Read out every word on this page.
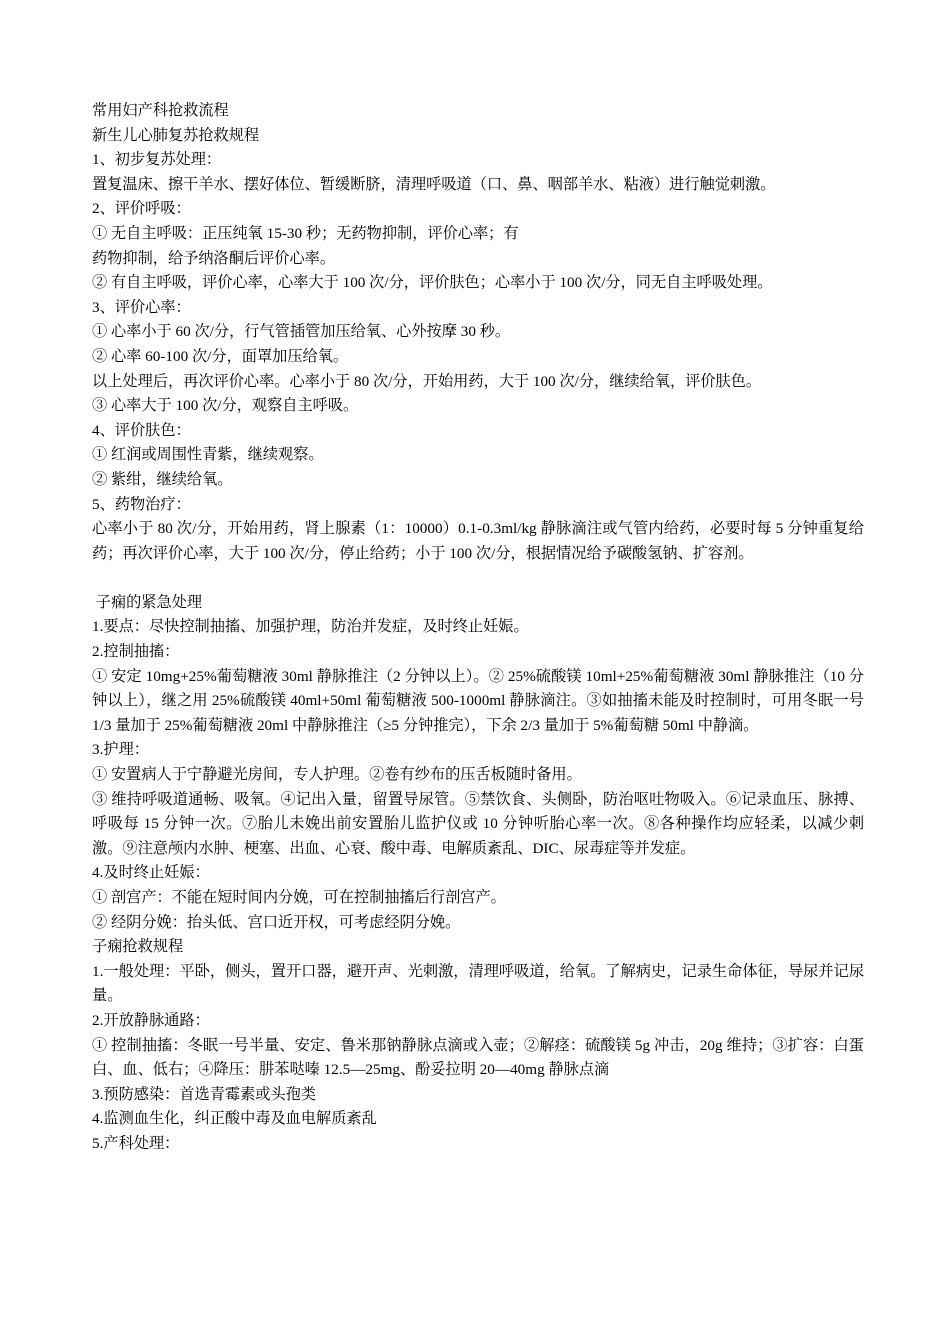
常用妇产科抢救流程

新生儿心肺复苏抢救规程

1、初步复苏处理：

置复温床、擦干羊水、摆好体位、暂缓断脐，清理呼吸道（口、鼻、咽部羊水、粘液）进行触觉刺激。

2、评价呼吸：

① 无自主呼吸：正压纯氧 15-30 秒；无药物抑制，评价心率；有

药物抑制，给予纳洛酮后评价心率。

② 有自主呼吸，评价心率，心率大于 100 次/分，评价肤色；心率小于 100 次/分，同无自主呼吸处理。

3、评价心率：

① 心率小于 60 次/分，行气管插管加压给氧、心外按摩 30 秒。

② 心率 60-100 次/分，面罩加压给氧。

以上处理后，再次评价心率。心率小于 80 次/分，开始用药，大于 100 次/分，继续给氧，评价肤色。

③ 心率大于 100 次/分，观察自主呼吸。

4、评价肤色：

① 红润或周围性青紫，继续观察。

② 紫绀，继续给氧。

5、药物治疗：

心率小于 80 次/分，开始用药，肾上腺素（1：10000）0.1-0.3ml/kg 静脉滴注或气管内给药，必要时每 5 分钟重复给药；再次评价心率，大于 100 次/分，停止给药；小于 100 次/分，根据情况给予碳酸氢钠、扩容剂。

子痫的紧急处理

1.要点：尽快控制抽搐、加强护理，防治并发症，及时终止妊娠。

2.控制抽搐：

① 安定 10mg+25%葡萄糖液 30ml 静脉推注（2 分钟以上）。② 25%硫酸镁 10ml+25%葡萄糖液 30ml 静脉推注（10 分钟以上），继之用 25%硫酸镁 40ml+50ml 葡萄糖液 500-1000ml 静脉滴注。③如抽搐未能及时控制时，可用冬眠一号 1/3 量加于 25%葡萄糖液 20ml 中静脉推注（≥5 分钟推完），下余 2/3 量加于 5%葡萄糖 50ml 中静滴。

3.护理：

① 安置病人于宁静避光房间，专人护理。②卷有纱布的压舌板随时备用。

③ 维持呼吸道通畅、吸氧。④记出入量，留置导尿管。⑤禁饮食、头侧卧，防治呕吐物吸入。⑥记录血压、脉搏、呼吸每 15 分钟一次。⑦胎儿未娩出前安置胎儿监护仪或 10 分钟听胎心率一次。⑧各种操作均应轻柔，以减少刺激。⑨注意颅内水肿、梗塞、出血、心衰、酸中毒、电解质紊乱、DIC、尿毒症等并发症。

4.及时终止妊娠：

① 剖宫产：不能在短时间内分娩，可在控制抽搐后行剖宫产。

② 经阴分娩：抬头低、宫口近开权，可考虑经阴分娩。

子痫抢救规程

1.一般处理：平卧，侧头，置开口器，避开声、光刺激，清理呼吸道，给氧。了解病史，记录生命体征，导尿并记尿量。

2.开放静脉通路：

① 控制抽搐：冬眠一号半量、安定、鲁米那钠静脉点滴或入壶；②解痉：硫酸镁 5g 冲击，20g 维持；③扩容：白蛋白、血、低右；④降压：肼苯哒嗪 12.5—25mg、酚妥拉明 20—40mg 静脉点滴

3.预防感染：首选青霉素或头孢类

4.监测血生化，纠正酸中毒及血电解质紊乱

5.产科处理：
